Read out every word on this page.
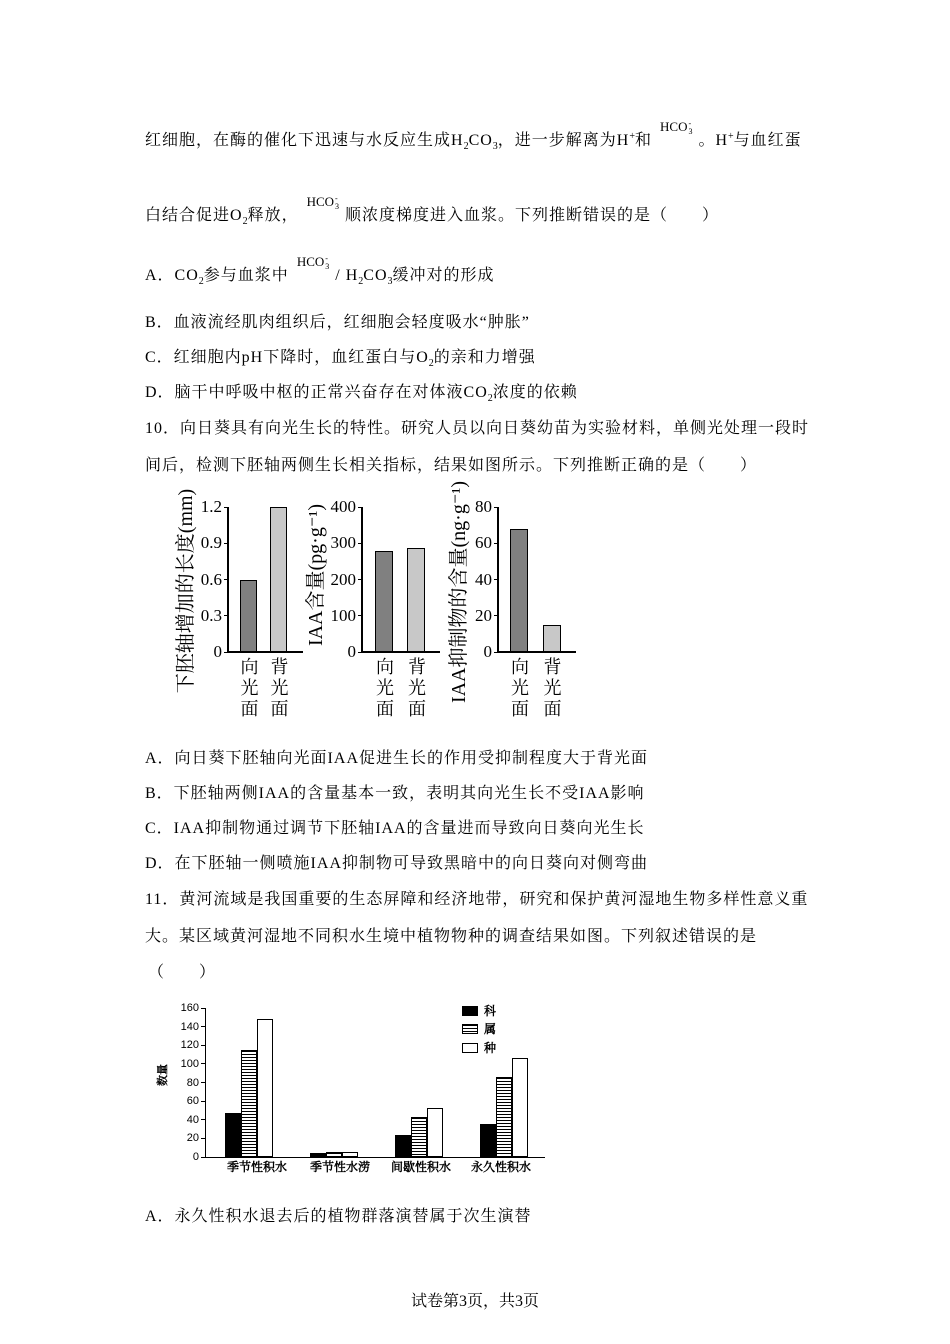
红细胞，在酶的催化下迅速与水反应生成H 2 CO 3 ，进一步解离为H + 和
HCO -
3
。H + 与血红蛋
白结合促进O 2 释放，
HCO -
3
顺浓度梯度进入血浆。下列推断错误的是（　　）
A．CO 2 参与血浆中
HCO -
3
/ H 2 CO 3 缓冲对的形成
B．血液流经肌肉组织后，红细胞会轻度吸水“肿胀”
C．红细胞内pH下降时，血红蛋白与O 2 的亲和力增强
D．脑干中呼吸中枢的正常兴奋存在对体液CO 2 浓度的依赖
10．向日葵具有向光生长的特性。研究人员以向日葵幼苗为实验材料，单侧光处理一段时
间后，检测下胚轴两侧生长相关指标，结果如图所示。下列推断正确的是（　　）
A．向日葵下胚轴向光面IAA促进生长的作用受抑制程度大于背光面
B．下胚轴两侧IAA的含量基本一致，表明其向光生长不受IAA影响
C．IAA抑制物通过调节下胚轴IAA的含量进而导致向日葵向光生长
D．在下胚轴一侧喷施IAA抑制物可导致黑暗中的向日葵向对侧弯曲
11．黄河流域是我国重要的生态屏障和经济地带，研究和保护黄河湿地生物多样性意义重
大。某区域黄河湿地不同积水生境中植物物种的调查结果如图。下列叙述错误的是
（　　）
A．永久性积水退去后的植物群落演替属于次生演替
试卷第3页，共3页
0
0.3
0.6
0.9
1.2
向光面 背光面
下胚轴增加的长度(mm)	0
100
200
300
400
向光面 背光面
IAA含量(pg·g⁻¹)
0
20
40
60
80
向光面 背光面
IAA抑制物的含量(ng·g⁻¹)
0
20
40
60
80
100
120
140
160
季节性积水 季节性水涝 间歇性积水 永久性积水
科
属
种
数量
